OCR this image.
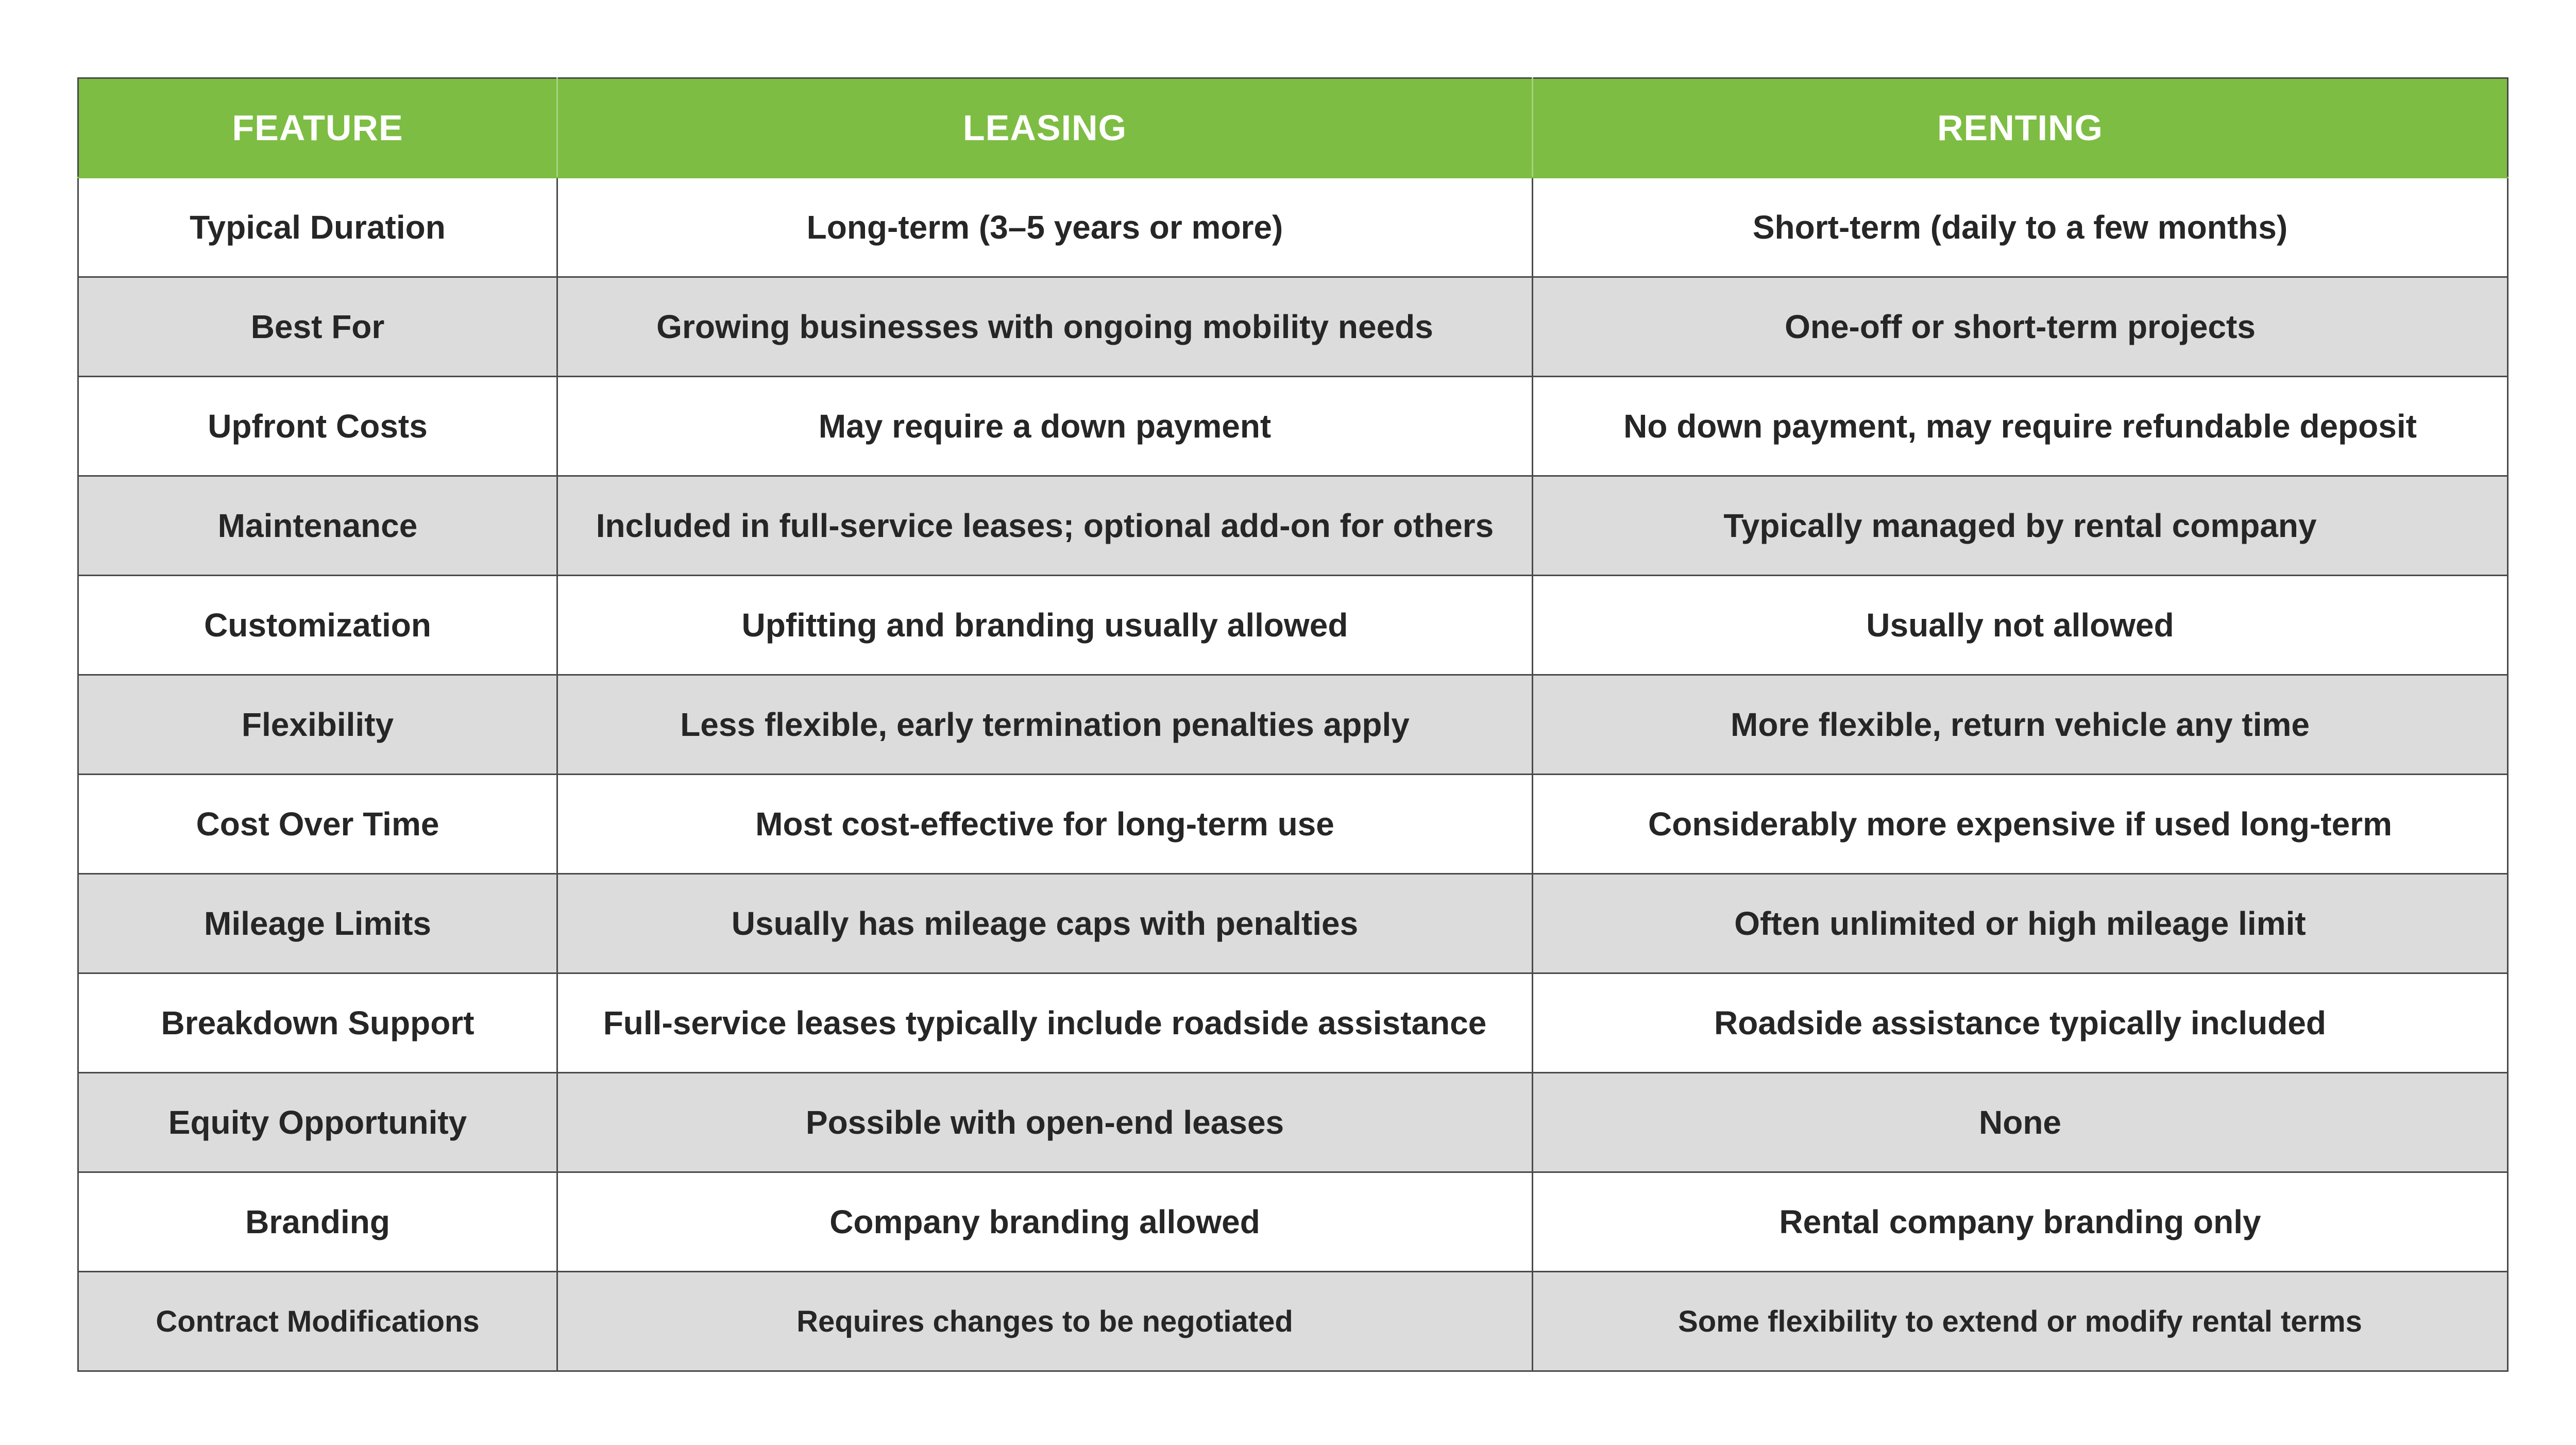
FEATURE	LEASING	RENTING
Typical Duration	Long-term (3–5 years or more)	Short-term (daily to a few months)
Best For	Growing businesses with ongoing mobility needs	One-off or short-term projects
Upfront Costs	May require a down payment	No down payment, may require refundable deposit
Maintenance	Included in full-service leases; optional add-on for others	Typically managed by rental company
Customization	Upfitting and branding usually allowed	Usually not allowed
Flexibility	Less flexible, early termination penalties apply	More flexible, return vehicle any time
Cost Over Time	Most cost-effective for long-term use	Considerably more expensive if used long-term
Mileage Limits	Usually has mileage caps with penalties	Often unlimited or high mileage limit
Breakdown Support	Full-service leases typically include roadside assistance	Roadside assistance typically included
Equity Opportunity	Possible with open-end leases	None
Branding	Company branding allowed	Rental company branding only
Contract Modifications	Requires changes to be negotiated	Some flexibility to extend or modify rental terms
